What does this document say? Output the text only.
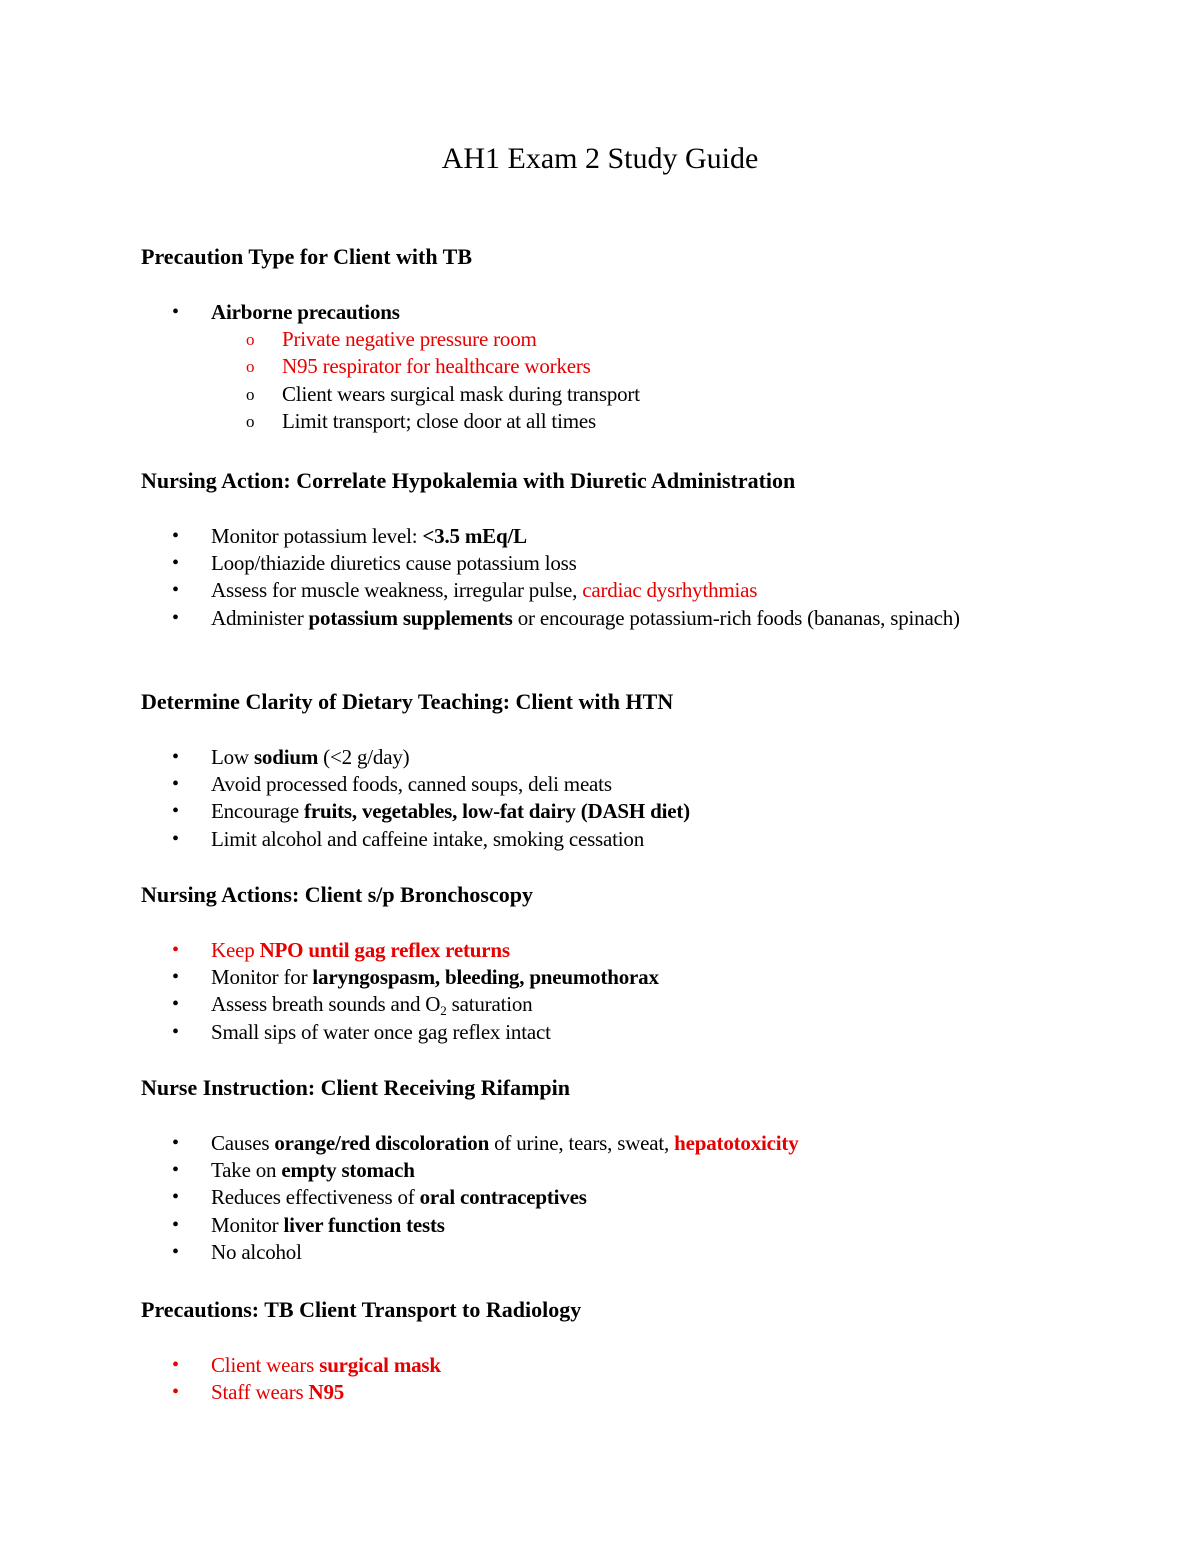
AH1 Exam 2 Study Guide
Precaution Type for Client with TB
•	Airborne precautions
o	Private negative pressure room
o	N95 respirator for healthcare workers
o	Client wears surgical mask during transport
o	Limit transport; close door at all times
Nursing Action: Correlate Hypokalemia with Diuretic Administration
•	Monitor potassium level: <3.5 mEq/L
•	Loop/thiazide diuretics cause potassium loss
•	Assess for muscle weakness, irregular pulse, cardiac dysrhythmias
•	Administer potassium supplements or encourage potassium-rich foods (bananas, spinach)
Determine Clarity of Dietary Teaching: Client with HTN
•	Low sodium (<2 g/day)
•	Avoid processed foods, canned soups, deli meats
•	Encourage fruits, vegetables, low-fat dairy (DASH diet)
•	Limit alcohol and caffeine intake, smoking cessation
Nursing Actions: Client s/p Bronchoscopy
•	Keep NPO until gag reflex returns
•	Monitor for laryngospasm, bleeding, pneumothorax
•	Assess breath sounds and $O_2$ saturation
•	Small sips of water once gag reflex intact
Nurse Instruction: Client Receiving Rifampin
•	Causes orange/red discoloration of urine, tears, sweat, hepatotoxicity
•	Take on empty stomach
•	Reduces effectiveness of oral contraceptives
•	Monitor liver function tests
•	No alcohol
Precautions: TB Client Transport to Radiology
•	Client wears surgical mask
•	Staff wears N95
